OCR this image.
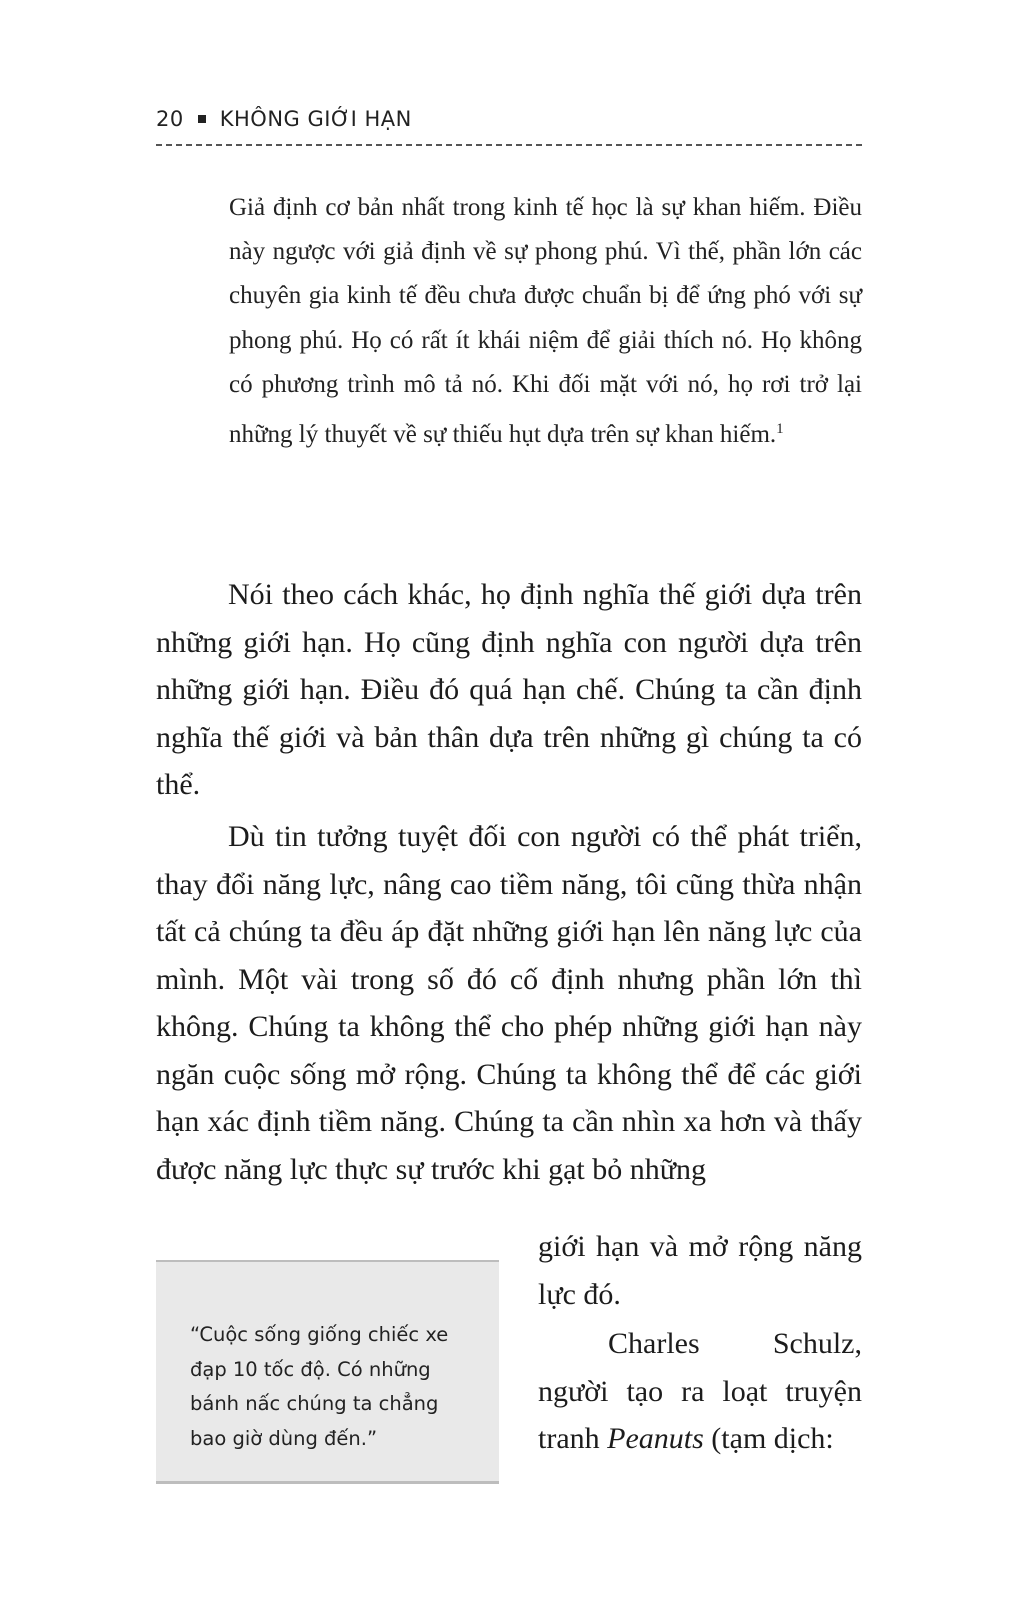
20 KHÔNG GIỚI HẠN
Giả định cơ bản nhất trong kinh tế học là sự khan hiếm. Điều này ngược với giả định về sự phong phú. Vì thế, phần lớn các chuyên gia kinh tế đều chưa được chuẩn bị để ứng phó với sự phong phú. Họ có rất ít khái niệm để giải thích nó. Họ không có phương trình mô tả nó. Khi đối mặt với nó, họ rơi trở lại những lý thuyết về sự thiếu hụt dựa trên sự khan hiếm.$^1$
Nói theo cách khác, họ định nghĩa thế giới dựa trên những giới hạn. Họ cũng định nghĩa con người dựa trên những giới hạn. Điều đó quá hạn chế. Chúng ta cần định nghĩa thế giới và bản thân dựa trên những gì chúng ta có thể.
Dù tin tưởng tuyệt đối con người có thể phát triển, thay đổi năng lực, nâng cao tiềm năng, tôi cũng thừa nhận tất cả chúng ta đều áp đặt những giới hạn lên năng lực của mình. Một vài trong số đó cố định nhưng phần lớn thì không. Chúng ta không thể cho phép những giới hạn này ngăn cuộc sống mở rộng. Chúng ta không thể để các giới hạn xác định tiềm năng. Chúng ta cần nhìn xa hơn và thấy được năng lực thực sự trước khi gạt bỏ những
giới hạn và mở rộng năng lực đó.
Charles Schulz, người tạo ra loạt truyện tranh Peanuts (tạm dịch:
“Cuộc sống giống chiếc xe đạp 10 tốc độ. Có những bánh nấc chúng ta chẳng bao giờ dùng đến.”
